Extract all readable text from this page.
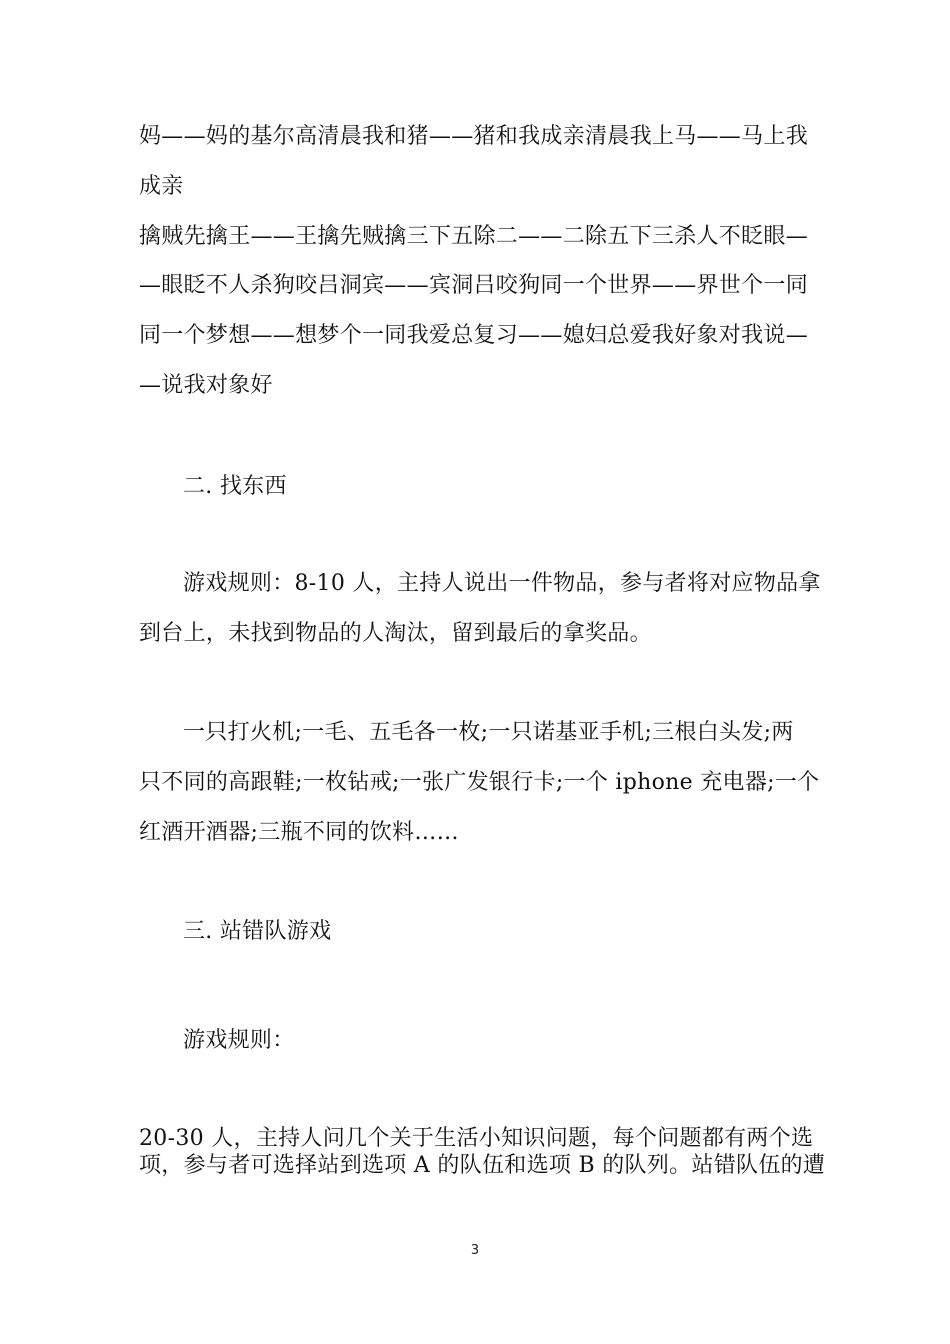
妈——妈的基尔高清晨我和猪——猪和我成亲清晨我上马——马上我
成亲
擒贼先擒王——王擒先贼擒三下五除二——二除五下三杀人不眨眼—
—眼眨不人杀狗咬吕洞宾——宾洞吕咬狗同一个世界——界世个一同
同一个梦想——想梦个一同我爱总复习——媳妇总爱我好象对我说—
—说我对象好
二. 找东西
游戏规则：8-10 人，主持人说出一件物品，参与者将对应物品拿
到台上，未找到物品的人淘汰，留到最后的拿奖品。
一只打火机;一毛、五毛各一枚;一只诺基亚手机;三根白头发;两
只不同的高跟鞋;一枚钻戒;一张广发银行卡;一个 iphone 充电器;一个
红酒开酒器;三瓶不同的饮料……
三. 站错队游戏
游戏规则：
20-30 人，主持人问几个关于生活小知识问题，每个问题都有两个选
项，参与者可选择站到选项 A 的队伍和选项 B 的队列。站错队伍的遭
3
